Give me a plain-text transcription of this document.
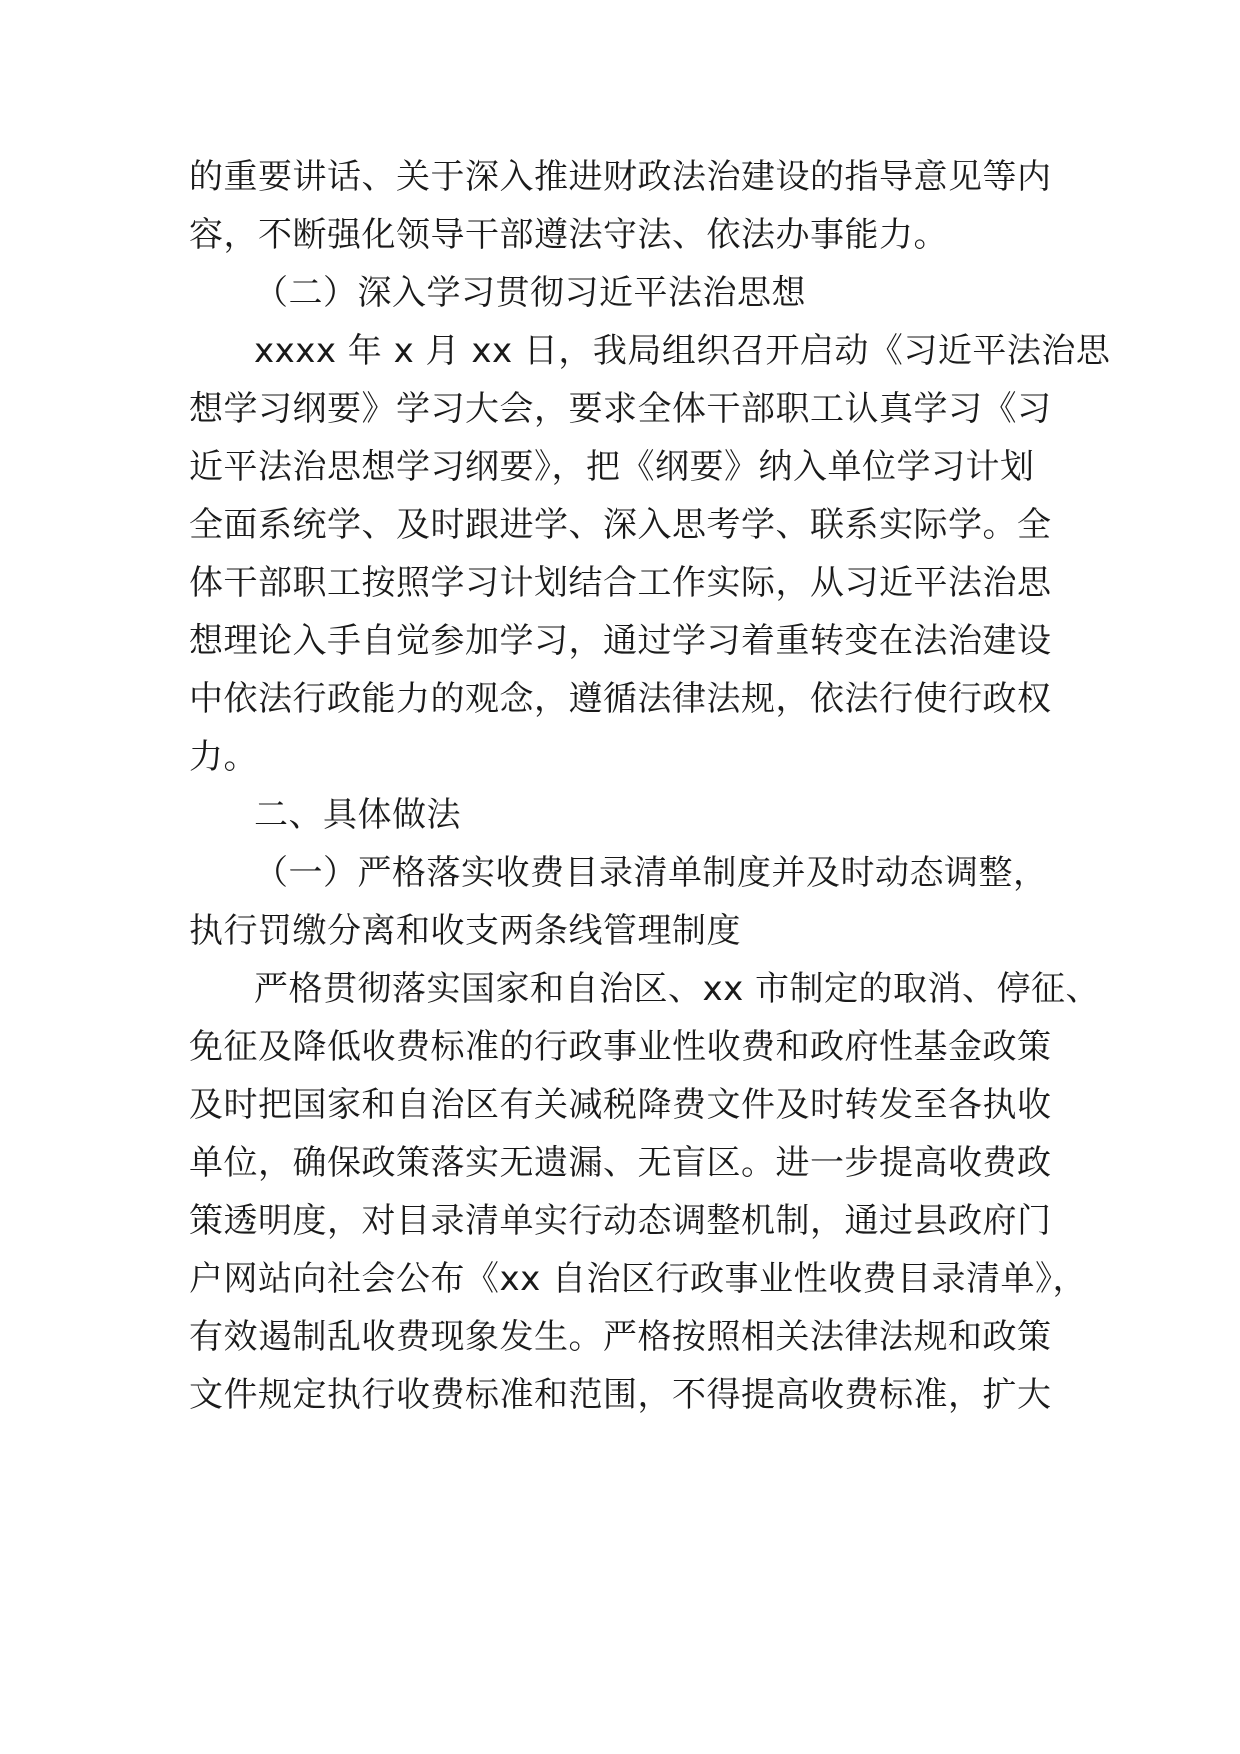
的重要讲话、关于深入推进财政法治建设的指导意见等内
容，不断强化领导干部遵法守法、依法办事能力。
（二）深入学习贯彻习近平法治思想
xxxx 年 x 月 xx 日，我局组织召开启动《习近平法治思
想学习纲要》学习大会，要求全体干部职工认真学习《习
近平法治思想学习纲要》，把《纲要》纳入单位学习计划
全面系统学、及时跟进学、深入思考学、联系实际学。全
体干部职工按照学习计划结合工作实际，从习近平法治思
想理论入手自觉参加学习，通过学习着重转变在法治建设
中依法行政能力的观念，遵循法律法规，依法行使行政权
力。
二、具体做法
（一）严格落实收费目录清单制度并及时动态调整，
执行罚缴分离和收支两条线管理制度
严格贯彻落实国家和自治区、xx 市制定的取消、停征、
免征及降低收费标准的行政事业性收费和政府性基金政策
及时把国家和自治区有关减税降费文件及时转发至各执收
单位，确保政策落实无遗漏、无盲区。进一步提高收费政
策透明度，对目录清单实行动态调整机制，通过县政府门
户网站向社会公布《xx 自治区行政事业性收费目录清单》，
有效遏制乱收费现象发生。严格按照相关法律法规和政策
文件规定执行收费标准和范围，不得提高收费标准，扩大
